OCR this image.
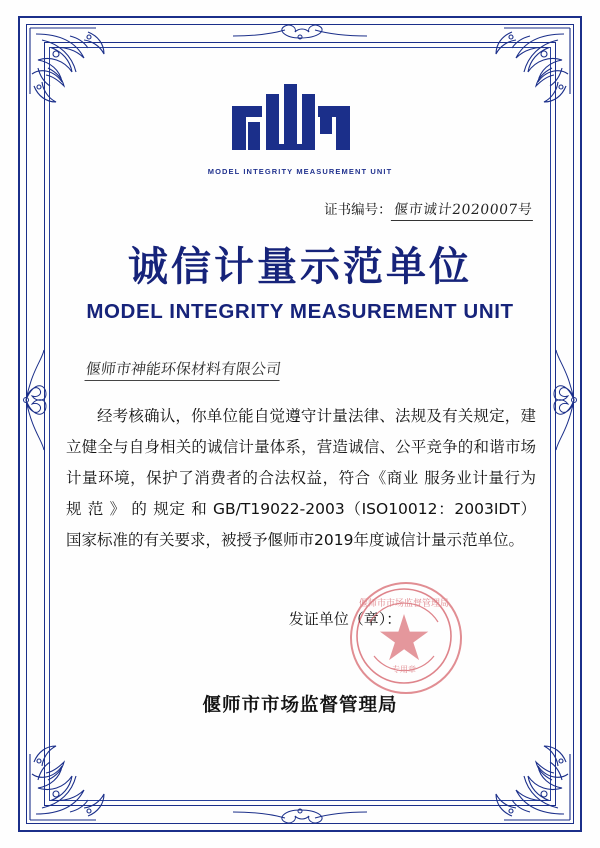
MODEL INTEGRITY MEASUREMENT UNIT
证书编号：偃市诚计2020007号
诚信计量示范单位
MODEL INTEGRITY MEASUREMENT UNIT
偃师市神能环保材料有限公司

经考核确认，你单位能自觉遵守计量法律、法规及有关规定，建立健全与自身相关的诚信计量体系，营造诚信、公平竞争的和谐市场计量环境，保护了消费者的合法权益，符合《商业 服务业计量行为 规 范 》 的 规定 和 GB/T19022-2003（ISO10012：2003IDT）国家标准的有关要求，被授予偃师市2019年度诚信计量示范单位。

发证单位（章）：
偃师市市场监督管理局
专用章
偃师市市场监督管理局
